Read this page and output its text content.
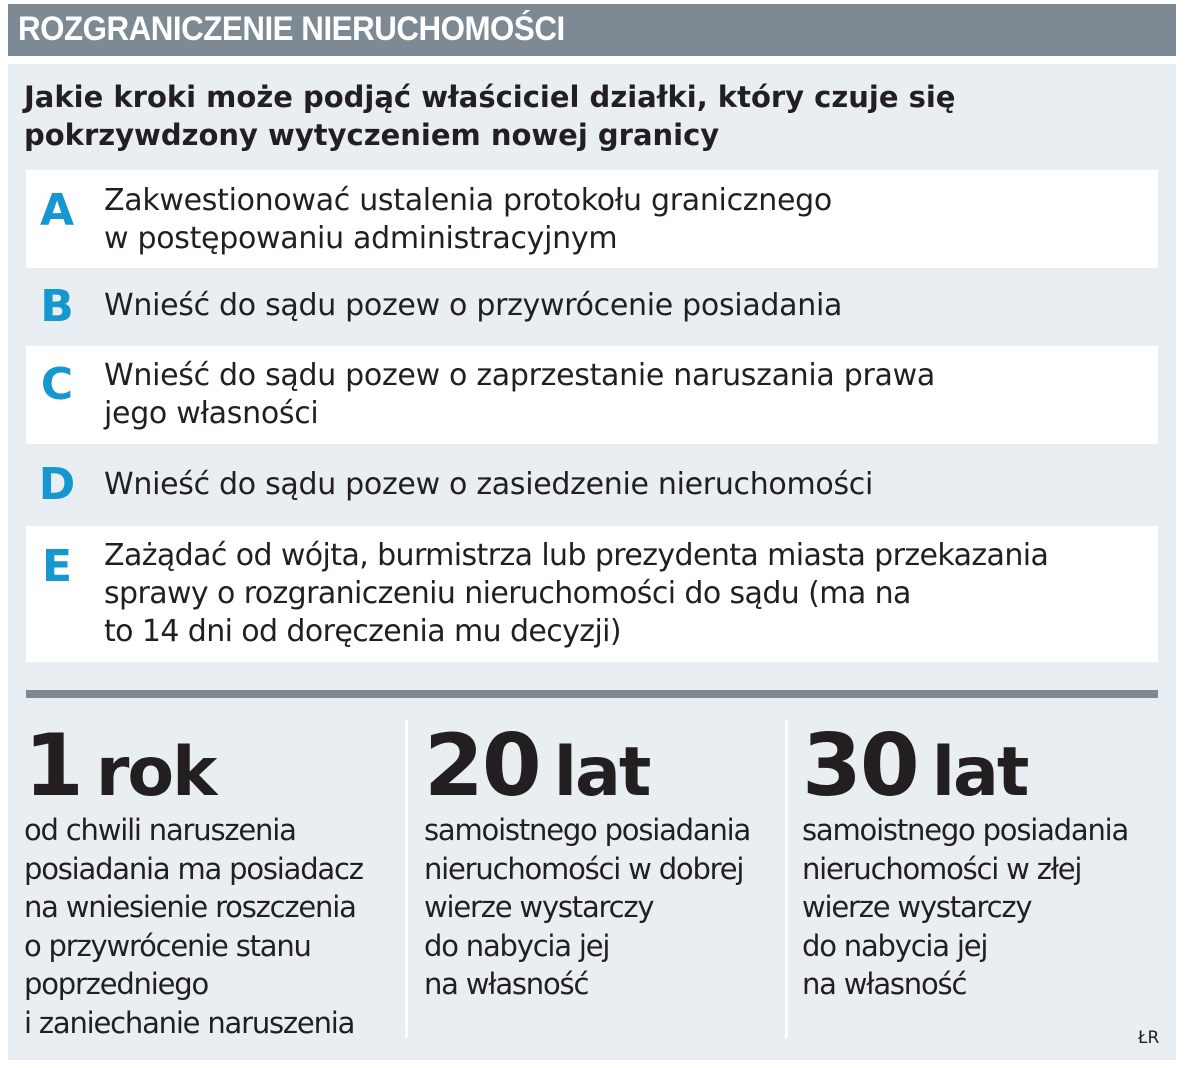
ROZGRANICZENIE NIERUCHOMOŚCI
Jakie kroki może podjąć właściciel działki, który czuje się
pokrzywdzony wytyczeniem nowej granicy
A Zakwestionować ustalenia protokołu granicznego
w postępowaniu administracyjnym
B Wnieść do sądu pozew o przywrócenie posiadania
C Wnieść do sądu pozew o zaprzestanie naruszania prawa
jego własności
D Wnieść do sądu pozew o zasiedzenie nieruchomości
E Zażądać od wójta, burmistrza lub prezydenta miasta przekazania
sprawy o rozgraniczeniu nieruchomości do sądu (ma na
to 14 dni od doręczenia mu decyzji)
1 rok
od chwili naruszenia
posiadania ma posiadacz
na wniesienie roszczenia
o przywrócenie stanu
poprzedniego
i zaniechanie naruszenia
20 lat
samoistnego posiadania
nieruchomości w dobrej
wierze wystarczy
do nabycia jej
na własność
30 lat
samoistnego posiadania
nieruchomości w złej
wierze wystarczy
do nabycia jej
na własność
ŁR
